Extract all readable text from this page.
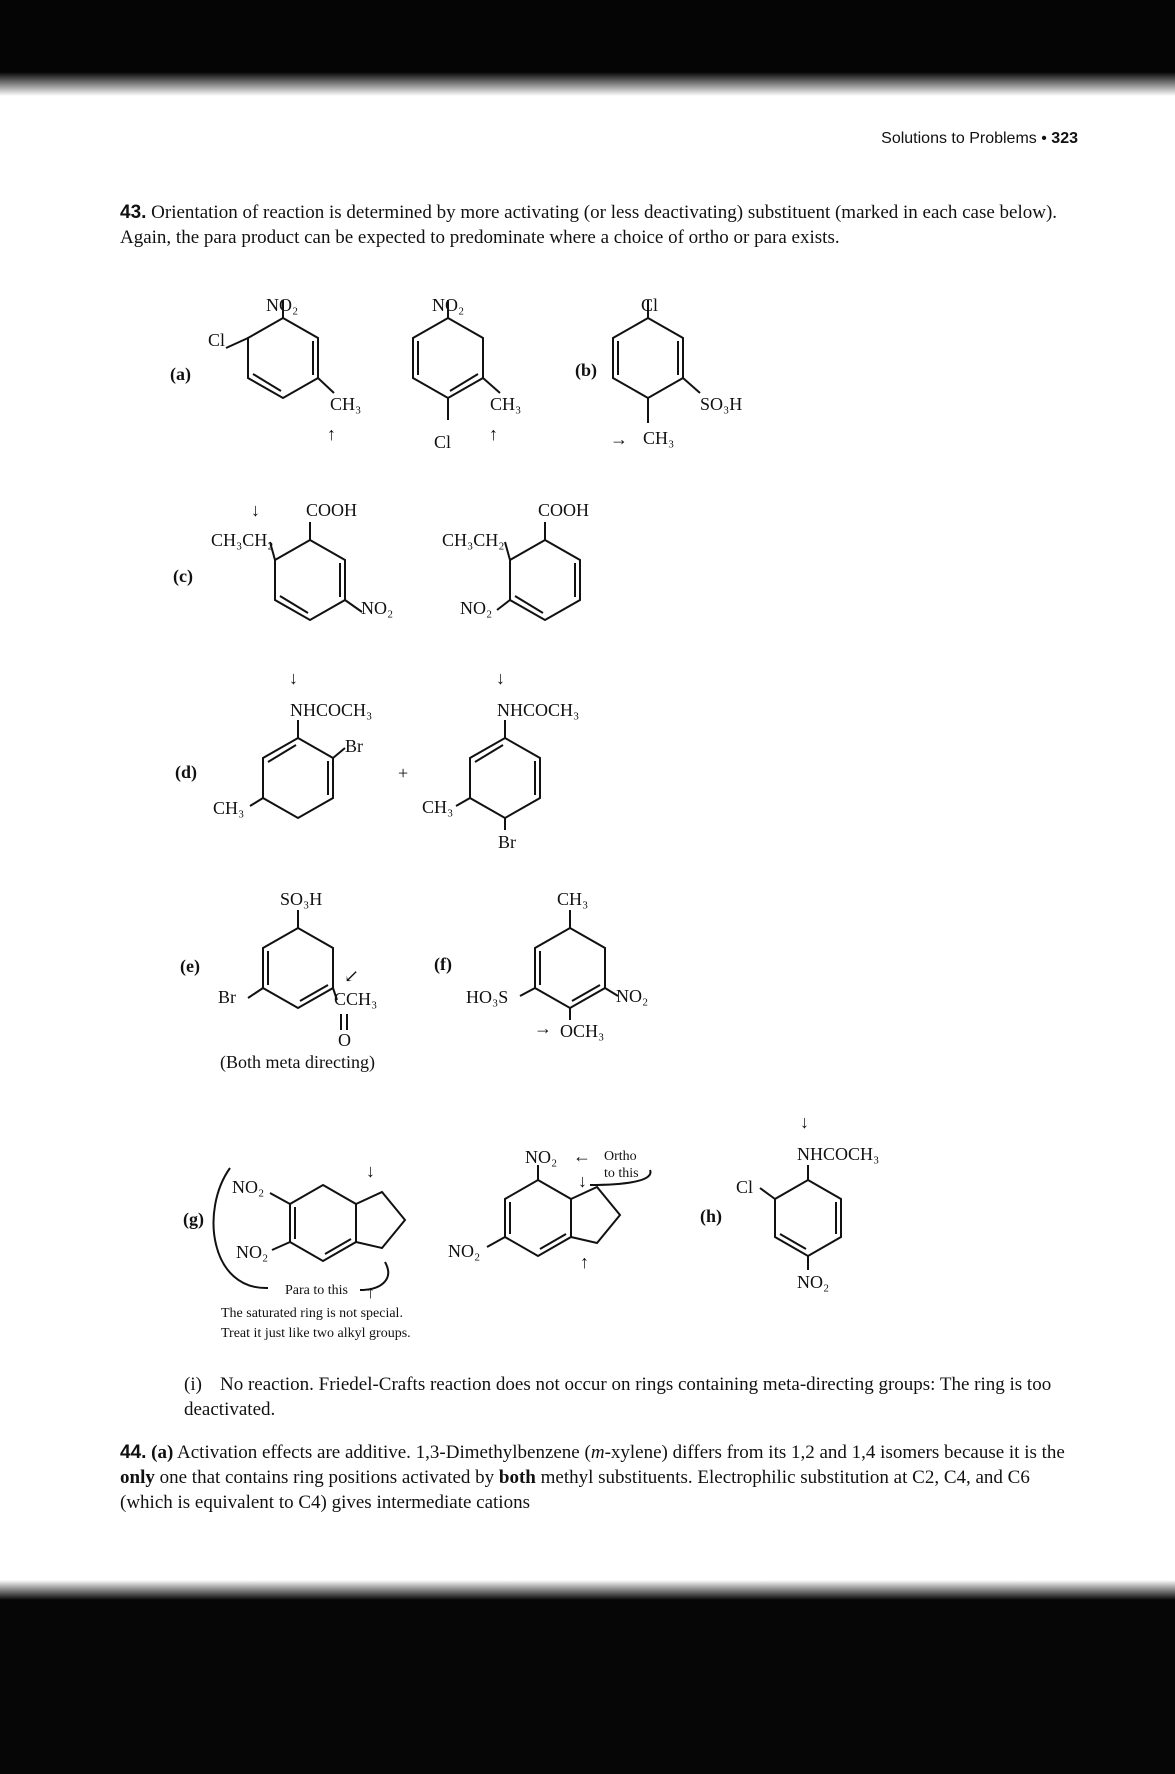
Solutions to Problems • 323
43. Orientation of reaction is determined by more activating (or less deactivating) substituent (marked in each case below). Again, the para product can be expected to predominate where a choice of ortho or para exists.
(a)
NO₂
Cl
CH₃
↑
NO₂
Cl
CH₃
↑
(b)
Cl
SO₃H
CH₃
→
(c)
COOH
CH₃CH₂
NO₂
↓	COOH
CH₃CH₂
NO₂
(d)
↓
NHCOCH₃
Br
CH₃
+
↓
NHCOCH₃
Br
CH₃
(e)
SO₃H
Br	CCH₃
O
↙
(Both meta directing)
(f)
CH₃
HO₃S	NO₂
OCH₃
→
(g)
NO₂
NO₂
↓
↑
Para to this
The saturated ring is not special.
Treat it just like two alkyl groups.
NO₂
NO₂
← Ortho
to this
↓
↑
(h)
↓
NHCOCH₃
Cl
NO₂
(i) No reaction. Friedel-Crafts reaction does not occur on rings containing meta-directing groups: The ring is too deactivated.
44. (a) Activation effects are additive. 1,3-Dimethylbenzene (m-xylene) differs from its 1,2 and 1,4 isomers because it is the only one that contains ring positions activated by both methyl substituents. Electrophilic substitution at C2, C4, and C6 (which is equivalent to C4) gives intermediate cations
